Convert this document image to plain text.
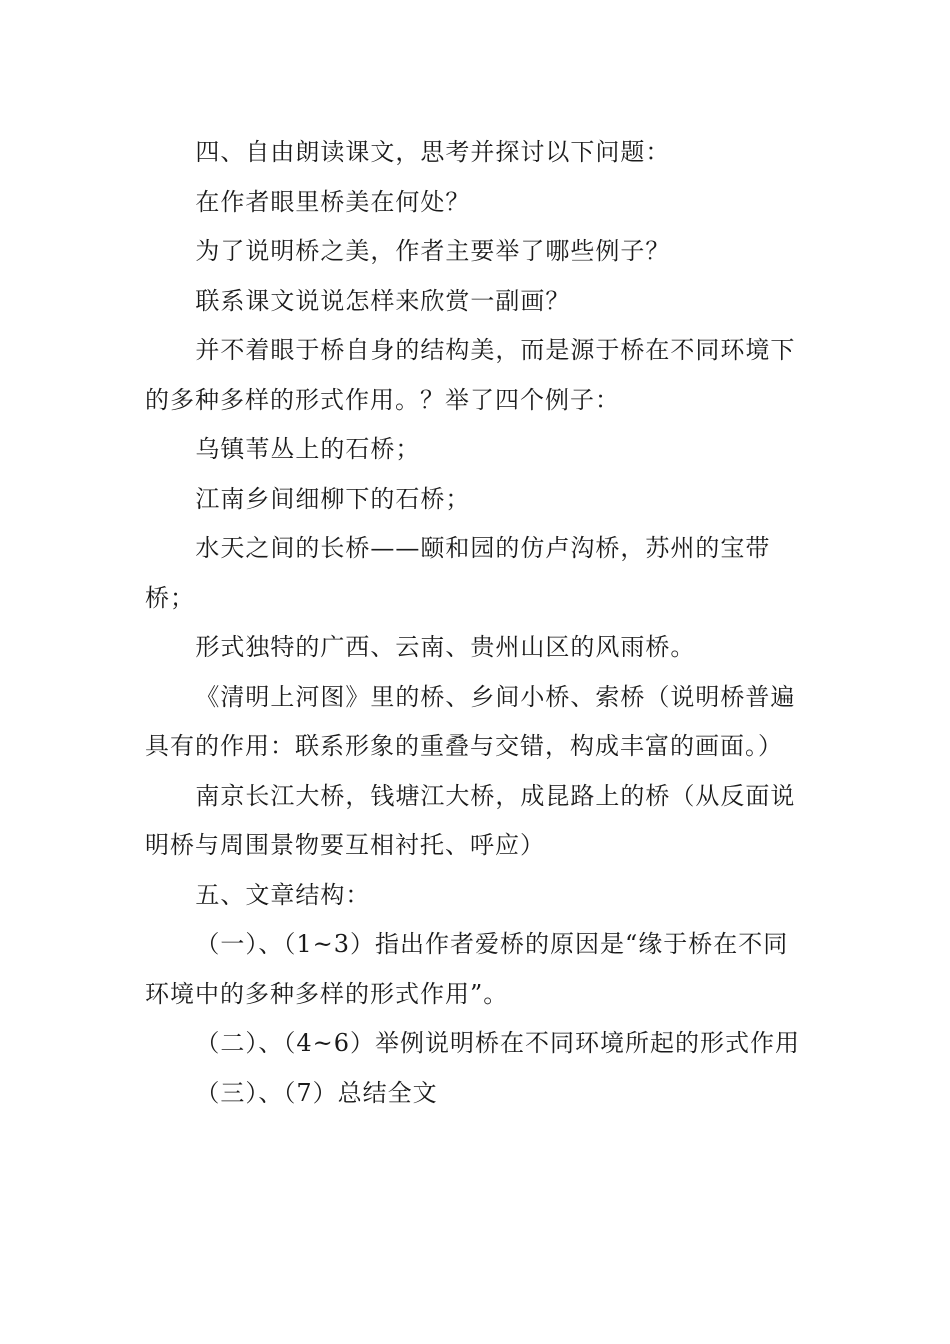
四、自由朗读课文，思考并探讨以下问题：

在作者眼里桥美在何处？

为了说明桥之美，作者主要举了哪些例子？

联系课文说说怎样来欣赏一副画？

并不着眼于桥自身的结构美，而是源于桥在不同环境下的多种多样的形式作用。？举了四个例子：

乌镇苇丛上的石桥；

江南乡间细柳下的石桥；

水天之间的长桥——颐和园的仿卢沟桥，苏州的宝带桥；

形式独特的广西、云南、贵州山区的风雨桥。

《清明上河图》里的桥、乡间小桥、索桥（说明桥普遍具有的作用：联系形象的重叠与交错，构成丰富的画面。）

南京长江大桥，钱塘江大桥，成昆路上的桥（从反面说明桥与周围景物要互相衬托、呼应）

五、文章结构：

（一）、（1~3）指出作者爱桥的原因是“缘于桥在不同环境中的多种多样的形式作用”。

（二）、（4~6）举例说明桥在不同环境所起的形式作用

（三）、（7）总结全文
